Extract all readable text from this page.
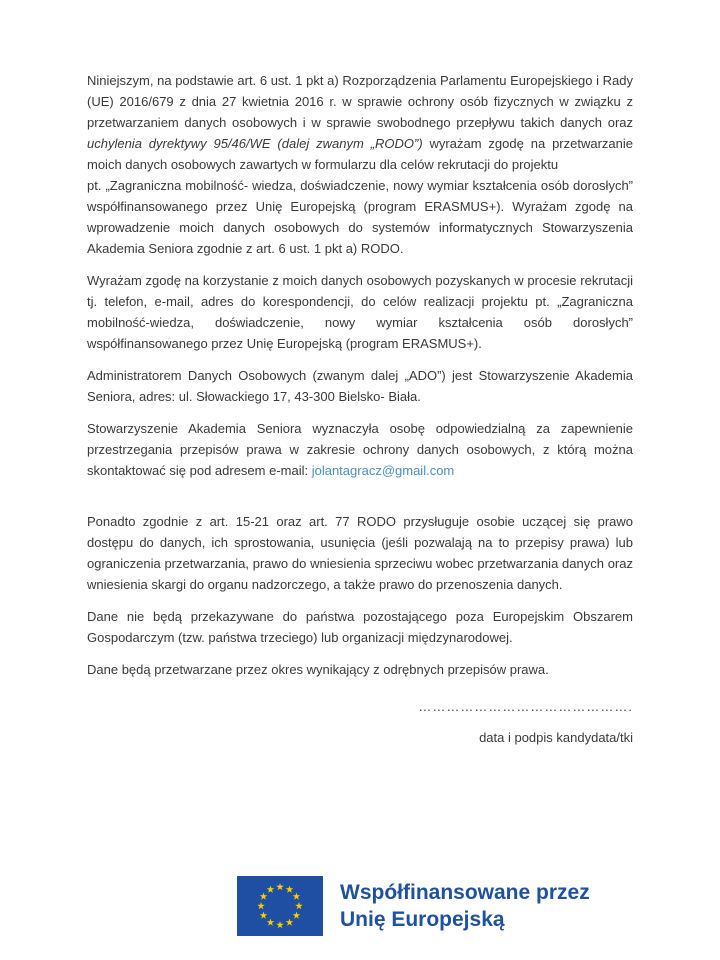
Niniejszym, na podstawie art. 6 ust. 1 pkt a) Rozporządzenia Parlamentu Europejskiego i Rady (UE) 2016/679 z dnia 27 kwietnia 2016 r. w sprawie ochrony osób fizycznych w związku z przetwarzaniem danych osobowych i w sprawie swobodnego przepływu takich danych oraz uchylenia dyrektywy 95/46/WE (dalej zwanym „RODO”) wyrażam zgodę na przetwarzanie moich danych osobowych zawartych w formularzu dla celów rekrutacji do projektu
pt. „Zagraniczna mobilność- wiedza, doświadczenie, nowy wymiar kształcenia osób dorosłych” współfinansowanego przez Unię Europejską (program ERASMUS+). Wyrażam zgodę na wprowadzenie moich danych osobowych do systemów informatycznych Stowarzyszenia Akademia Seniora zgodnie z art. 6 ust. 1 pkt a) RODO.

Wyrażam zgodę na korzystanie z moich danych osobowych pozyskanych w procesie rekrutacji tj. telefon, e-mail, adres do korespondencji, do celów realizacji projektu pt. „Zagraniczna mobilność-wiedza, doświadczenie, nowy wymiar kształcenia osób dorosłych” współfinansowanego przez Unię Europejską (program ERASMUS+).

Administratorem Danych Osobowych (zwanym dalej „ADO”) jest Stowarzyszenie Akademia Seniora, adres: ul. Słowackiego 17, 43-300 Bielsko- Biała.

Stowarzyszenie Akademia Seniora wyznaczyła osobę odpowiedzialną za zapewnienie przestrzegania przepisów prawa w zakresie ochrony danych osobowych, z którą można skontaktować się pod adresem e-mail: jolantagracz@gmail.com

Ponadto zgodnie z art. 15-21 oraz art. 77 RODO przysługuje osobie uczącej się prawo dostępu do danych, ich sprostowania, usunięcia (jeśli pozwalają na to przepisy prawa) lub ograniczenia przetwarzania, prawo do wniesienia sprzeciwu wobec przetwarzania danych oraz wniesienia skargi do organu nadzorczego, a także prawo do przenoszenia danych.

Dane nie będą przekazywane do państwa pozostającego poza Europejskim Obszarem Gospodarczym (tzw. państwa trzeciego) lub organizacji międzynarodowej.

Dane będą przetwarzane przez okres wynikający z odrębnych przepisów prawa.

……………………………………….
data i podpis kandydata/tki
Współfinansowane przez
Unię Europejską
